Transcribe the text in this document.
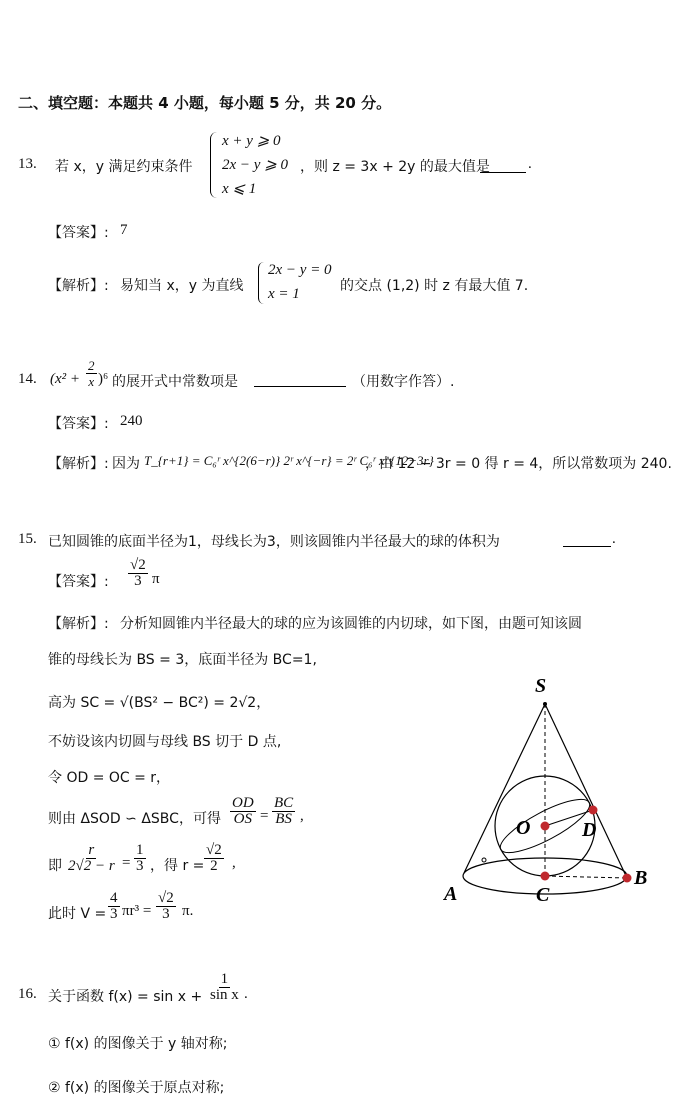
二、填空题：本题共 4 小题，每小题 5 分，共 20 分。
13. 若 x，y 满足约束条件
x + y ⩾ 0
2x − y ⩾ 0
x ⩽ 1
，则 z = 3x + 2y 的最大值是	.
【答案】: 7
【解析】: 易知当 x，y 为直线
2x − y = 0
x = 1	的交点 (1,2) 时 z 有最大值 7.
14. $(x^2 + \frac{2}{x} )^6$ 的展开式中常数项是	（用数字作答）.
【答案】: 240
【解析】: 因为 T_{r+1} = C₆ʳ x^{2(6−r)} 2ʳ x^{−r} = 2ʳ C₆ʳ x^{12−3r}
，由 12 − 3r = 0 得 r = 4，所以常数项为 240.
15. 已知圆锥的底面半径为1，母线长为3，则该圆锥内半径最大的球的体积为	.
【答案】: $\frac{√2}{3}$ π
【解析】: 分析知圆锥内半径最大的球的应为该圆锥的内切球，如下图，由题可知该圆
锥的母线长为 BS = 3，底面半径为 BC=1,
高为 SC = √(BS² − BC²) = 2√2，
不妨设该内切圆与母线 BS 切于 D 点,
令 OD = OC = r，
则由 ΔSOD ∽ ΔSBC，可得 $\frac{OD}{OS} = \frac{BC}{BS}$ ,
即 $\frac{r}{2√2 - r} = \frac{1}{3}$ ，得 $r = \frac{√2}{2}$ ,
此时 $V = \frac{4}{3} \pi r^3 = \frac{√2}{3} \pi$.
S
O	D
A
B
C
16. 关于函数 $f(x) = \sin x + \frac{1}{\text{sin x}}$ .
① f(x) 的图像关于 y 轴对称;
② f(x) 的图像关于原点对称;
